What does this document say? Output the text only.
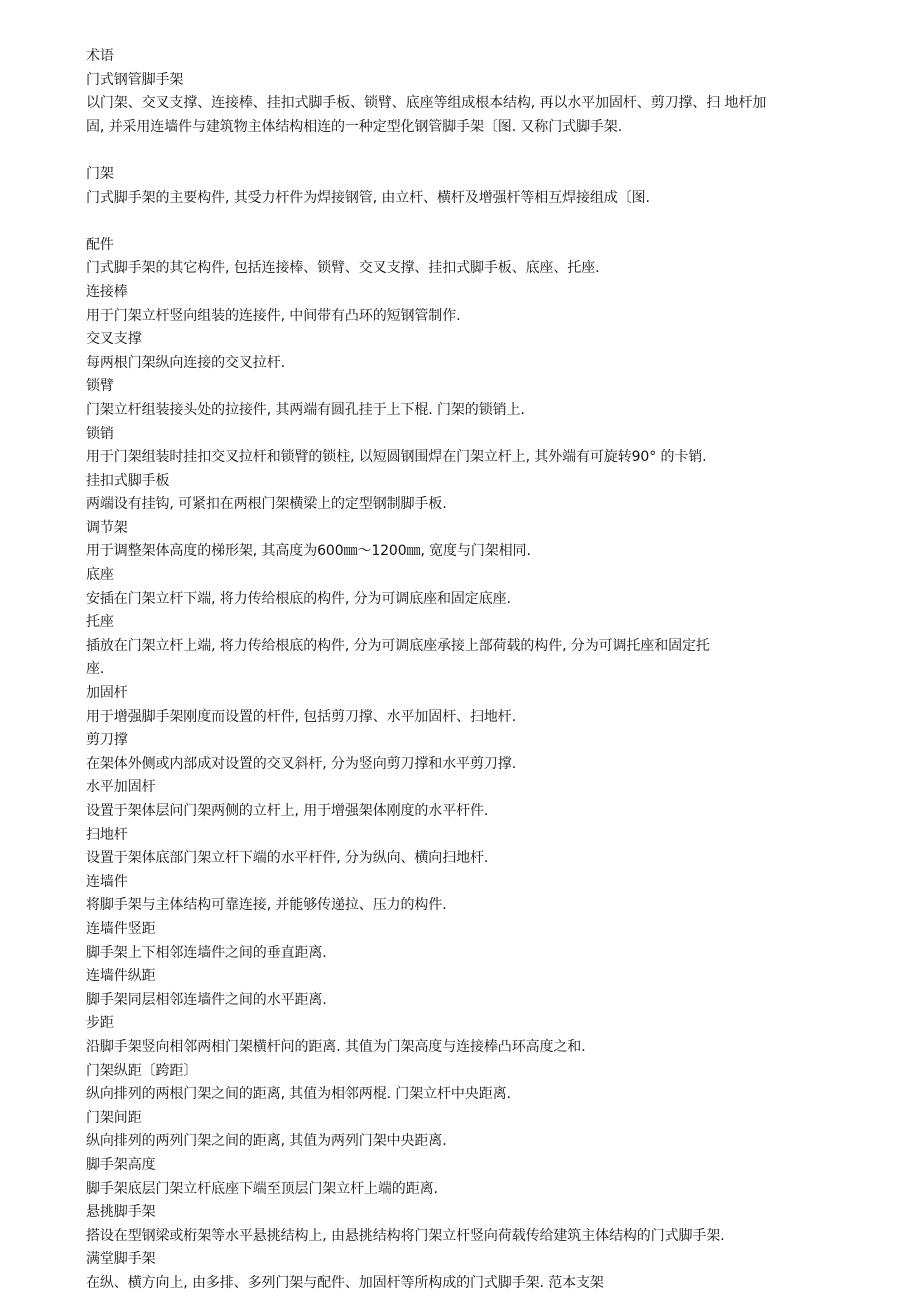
术语
门式钢管脚手架
以门架、交叉支撑、连接棒、挂扣式脚手板、锁臂、底座等组成根本结构, 再以水平加固杆、剪刀撑、扫 地杆加
固, 并采用连墙件与建筑物主体结构相连的一种定型化钢管脚手架〔图. 又称门式脚手架.
门架
门式脚手架的主要构件, 其受力杆件为焊接钢管, 由立杆、横杆及增强杆等相互焊接组成〔图.
配件
门式脚手架的其它构件, 包括连接棒、锁臂、交叉支撑、挂扣式脚手板、底座、托座.
连接棒
用于门架立杆竖向组装的连接件, 中间带有凸环的短钢管制作.
交叉支撑
每两根门架纵向连接的交叉拉杆.
锁臂
门架立杆组装接头处的拉接件, 其两端有圆孔挂于上下棍. 门架的锁销上.
锁销
用于门架组装时挂扣交叉拉杆和锁臂的锁柱, 以短圆钢围焊在门架立杆上, 其外端有可旋转90° 的卡销.
挂扣式脚手板
两端设有挂钩, 可紧扣在两根门架横梁上的定型钢制脚手板.
调节架
用于调整架体高度的梯形架, 其高度为600㎜～1200㎜, 宽度与门架相同.
底座
安插在门架立杆下端, 将力传给根底的构件, 分为可调底座和固定底座.
托座
插放在门架立杆上端, 将力传给根底的构件, 分为可调底座承接上部荷载的构件, 分为可调托座和固定托
座.
加固杆
用于增强脚手架刚度而设置的杆件, 包括剪刀撑、水平加固杆、扫地杆.
剪刀撑
在架体外侧或内部成对设置的交叉斜杆, 分为竖向剪刀撑和水平剪刀撑.
水平加固杆
设置于架体层问门架两侧的立杆上, 用于增强架体刚度的水平杆件.
扫地杆
设置于架体底部门架立杆下端的水平杆件, 分为纵向、横向扫地杆.
连墙件
将脚手架与主体结构可靠连接, 并能够传递拉、压力的构件.
连墙件竖距
脚手架上下相邻连墙件之间的垂直距离.
连墙件纵距
脚手架同层相邻连墙件之间的水平距离.
步距
沿脚手架竖向相邻两相门架横杆问的距离. 其值为门架高度与连接棒凸环高度之和.
门架纵距〔跨距〕
纵向排列的两根门架之间的距离, 其值为相邻两棍. 门架立杆中央距离.
门架间距
纵向排列的两列门架之间的距离, 其值为两列门架中央距离.
脚手架高度
脚手架底层门架立杆底座下端至顶层门架立杆上端的距离.
悬挑脚手架
搭设在型钢梁或桁架等水平悬挑结构上, 由悬挑结构将门架立杆竖向荷载传给建筑主体结构的门式脚手架.
满堂脚手架
在纵、横方向上, 由多排、多列门架与配件、加固杆等所构成的门式脚手架. 范本支架
